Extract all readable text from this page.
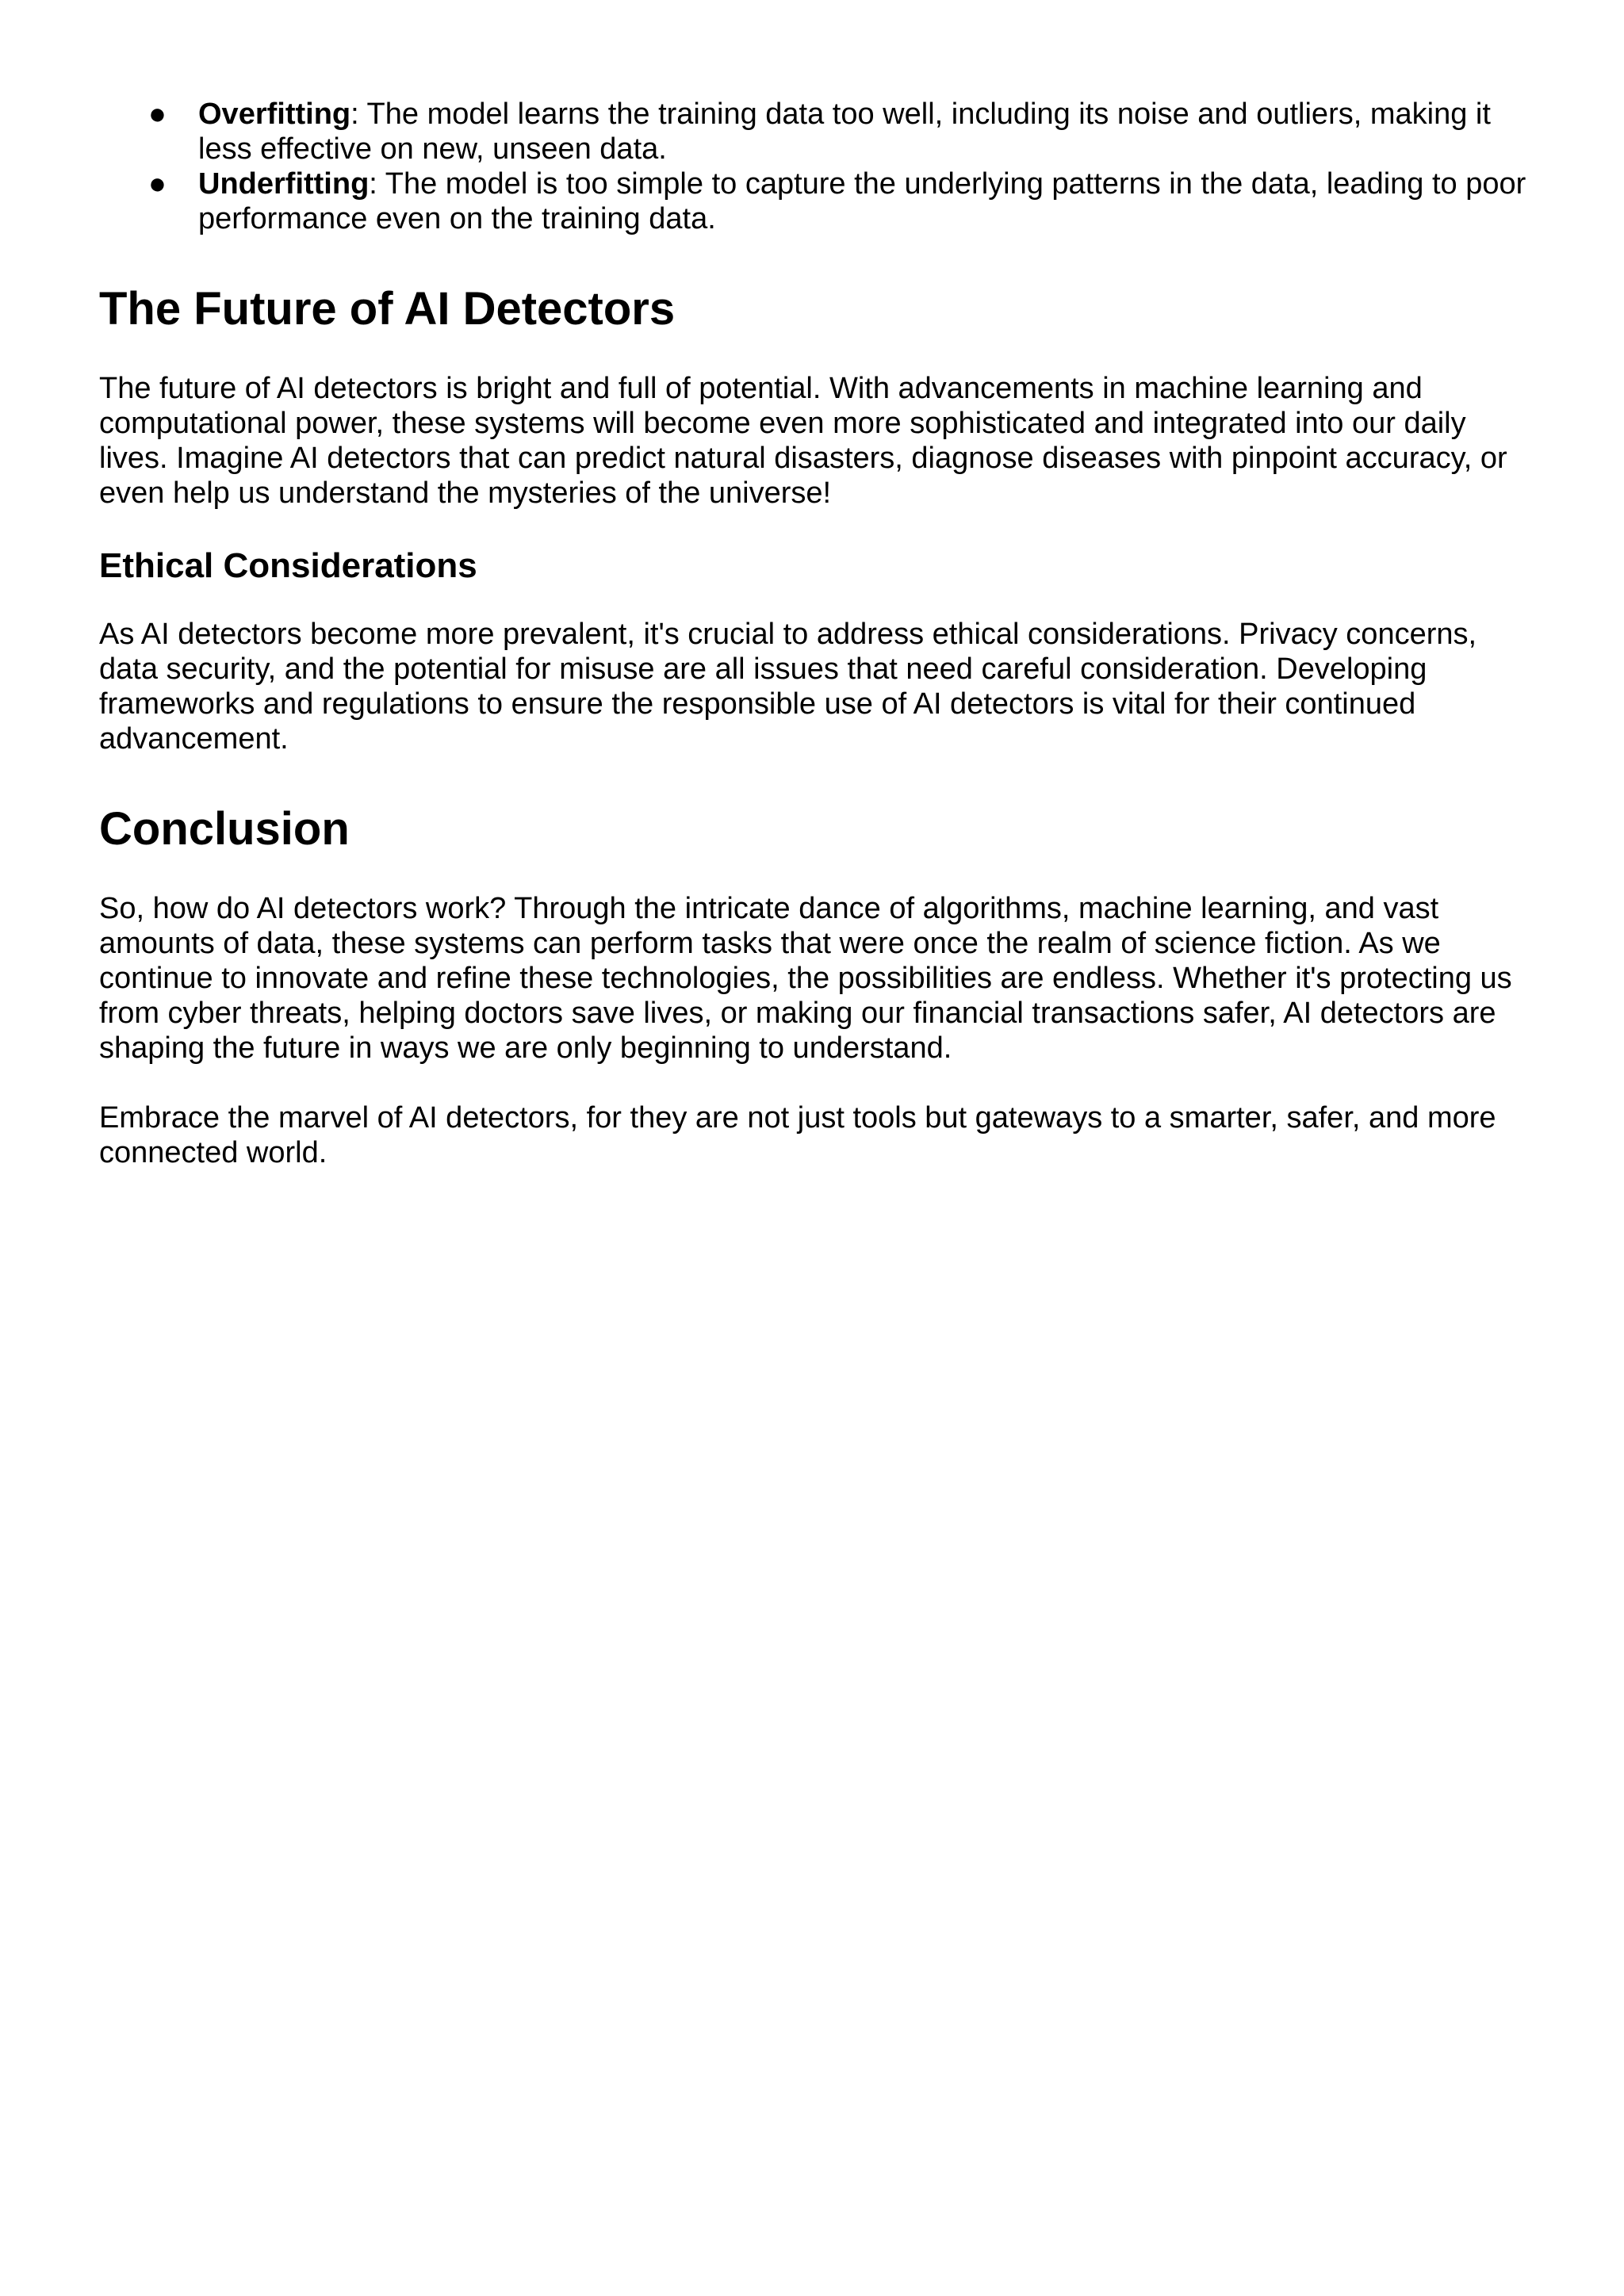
● Overfitting: The model learns the training data too well, including its noise and outliers, making it less effective on new, unseen data.
● Underfitting: The model is too simple to capture the underlying patterns in the data, leading to poor performance even on the training data.
The Future of AI Detectors

The future of AI detectors is bright and full of potential. With advancements in machine learning and computational power, these systems will become even more sophisticated and integrated into our daily lives. Imagine AI detectors that can predict natural disasters, diagnose diseases with pinpoint accuracy, or even help us understand the mysteries of the universe!

Ethical Considerations

As AI detectors become more prevalent, it's crucial to address ethical considerations. Privacy concerns, data security, and the potential for misuse are all issues that need careful consideration. Developing frameworks and regulations to ensure the responsible use of AI detectors is vital for their continued advancement.

Conclusion

So, how do AI detectors work? Through the intricate dance of algorithms, machine learning, and vast amounts of data, these systems can perform tasks that were once the realm of science fiction. As we continue to innovate and refine these technologies, the possibilities are endless. Whether it's protecting us from cyber threats, helping doctors save lives, or making our financial transactions safer, AI detectors are shaping the future in ways we are only beginning to understand.

Embrace the marvel of AI detectors, for they are not just tools but gateways to a smarter, safer, and more connected world.
